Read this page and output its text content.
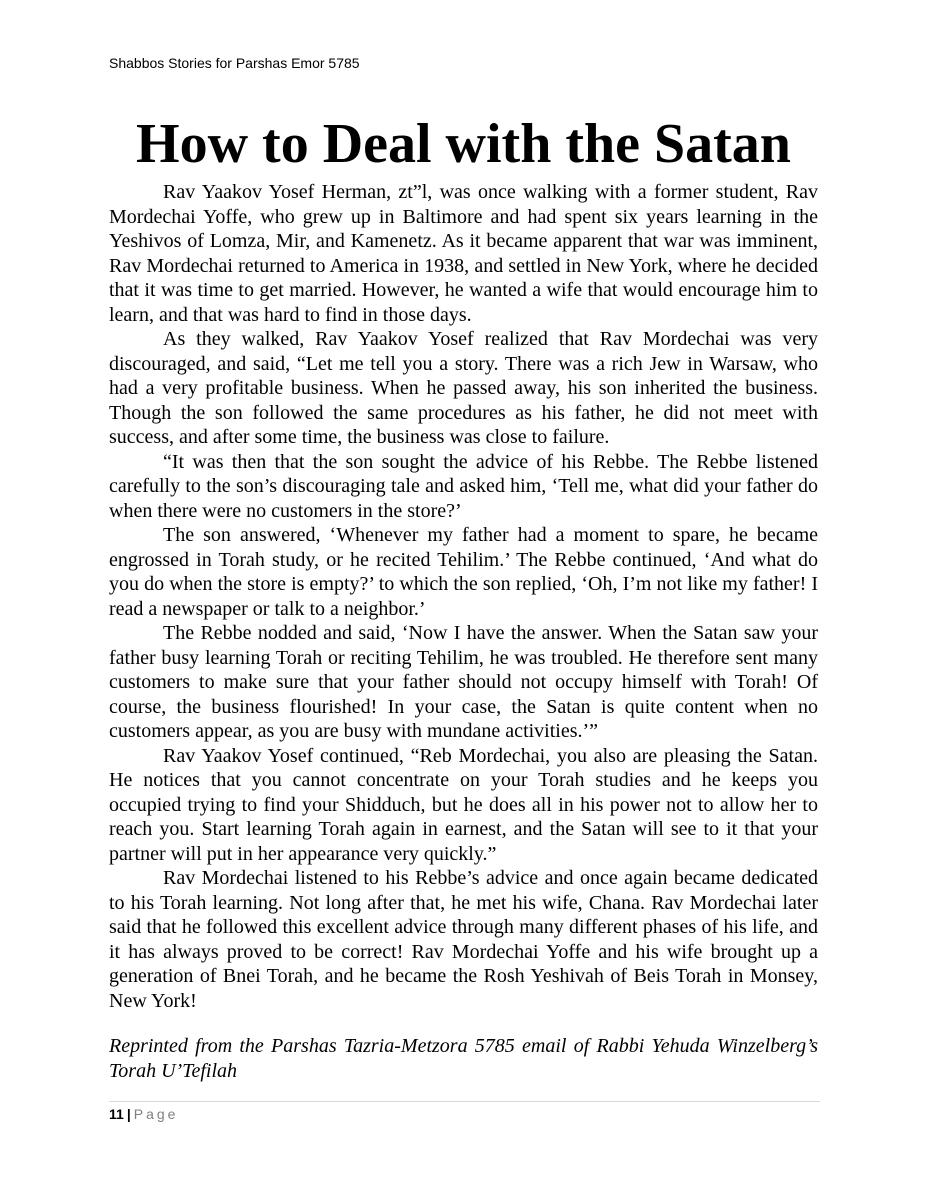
Shabbos Stories for Parshas Emor 5785
How to Deal with the Satan

Rav Yaakov Yosef Herman, zt”l, was once walking with a former student, Rav Mordechai Yoffe, who grew up in Baltimore and had spent six years learning in the Yeshivos of Lomza, Mir, and Kamenetz. As it became apparent that war was imminent, Rav Mordechai returned to America in 1938, and settled in New York, where he decided that it was time to get married. However, he wanted a wife that would encourage him to learn, and that was hard to find in those days.

As they walked, Rav Yaakov Yosef realized that Rav Mordechai was very discouraged, and said, “Let me tell you a story. There was a rich Jew in Warsaw, who had a very profitable business. When he passed away, his son inherited the business. Though the son followed the same procedures as his father, he did not meet with success, and after some time, the business was close to failure.

“It was then that the son sought the advice of his Rebbe. The Rebbe listened carefully to the son’s discouraging tale and asked him, ‘Tell me, what did your father do when there were no customers in the store?’

The son answered, ‘Whenever my father had a moment to spare, he became engrossed in Torah study, or he recited Tehilim.’ The Rebbe continued, ‘And what do you do when the store is empty?’ to which the son replied, ‘Oh, I’m not like my father! I read a newspaper or talk to a neighbor.’

The Rebbe nodded and said, ‘Now I have the answer. When the Satan saw your father busy learning Torah or reciting Tehilim, he was troubled. He therefore sent many customers to make sure that your father should not occupy himself with Torah! Of course, the business flourished! In your case, the Satan is quite content when no customers appear, as you are busy with mundane activities.’”

Rav Yaakov Yosef continued, “Reb Mordechai, you also are pleasing the Satan. He notices that you cannot concentrate on your Torah studies and he keeps you occupied trying to find your Shidduch, but he does all in his power not to allow her to reach you. Start learning Torah again in earnest, and the Satan will see to it that your partner will put in her appearance very quickly.”

Rav Mordechai listened to his Rebbe’s advice and once again became dedicated to his Torah learning. Not long after that, he met his wife, Chana. Rav Mordechai later said that he followed this excellent advice through many different phases of his life, and it has always proved to be correct! Rav Mordechai Yoffe and his wife brought up a generation of Bnei Torah, and he became the Rosh Yeshivah of Beis Torah in Monsey, New York!

Reprinted from the Parshas Tazria-Metzora 5785 email of Rabbi Yehuda Winzelberg’s Torah U’Tefilah

11 | Page
